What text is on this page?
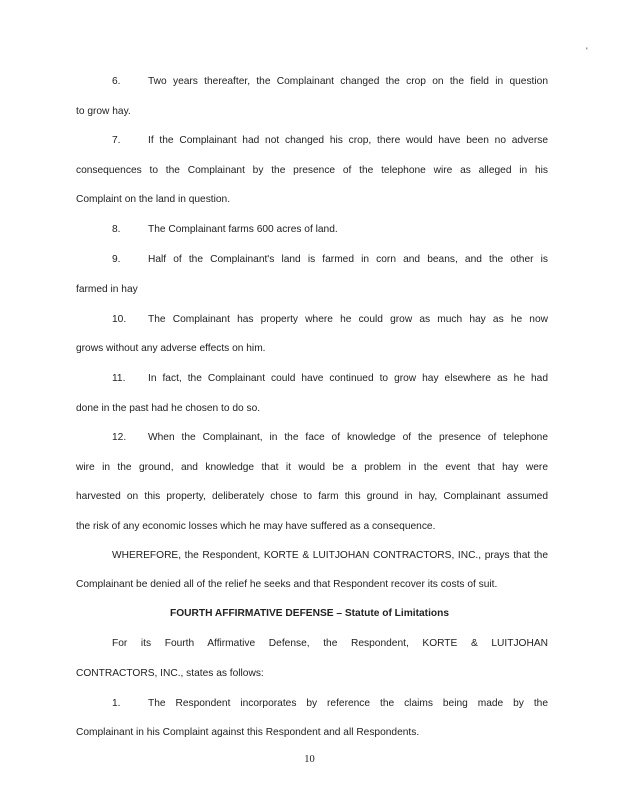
'
6.	Two years thereafter, the Complainant changed the crop on the field in question
to grow hay.
7.	If the Complainant had not changed his crop, there would have been no adverse
consequences to the Complainant by the presence of the telephone wire as alleged in his
Complaint on the land in question.
8.	The Complainant farms 600 acres of land.
9.	Half of the Complainant's land is farmed in corn and beans, and the other is
farmed in hay
10. The Complainant has property where he could grow as much hay as he now
grows without any adverse effects on him.
11. In fact, the Complainant could have continued to grow hay elsewhere as he had
done in the past had he chosen to do so.
12. When the Complainant, in the face of knowledge of the presence of telephone
wire in the ground, and knowledge that it would be a problem in the event that hay were
harvested on this property, deliberately chose to farm this ground in hay, Complainant assumed
the risk of any economic losses which he may have suffered as a consequence.
WHEREFORE, the Respondent, KORTE & LUITJOHAN CONTRACTORS, INC., prays that the
Complainant be denied all of the relief he seeks and that Respondent recover its costs of suit.
FOURTH AFFIRMATIVE DEFENSE – Statute of Limitations
For its Fourth Affirmative Defense, the Respondent, KORTE & LUITJOHAN
CONTRACTORS, INC., states as follows:
1.	The Respondent incorporates by reference the claims being made by the
Complainant in his Complaint against this Respondent and all Respondents.
10
